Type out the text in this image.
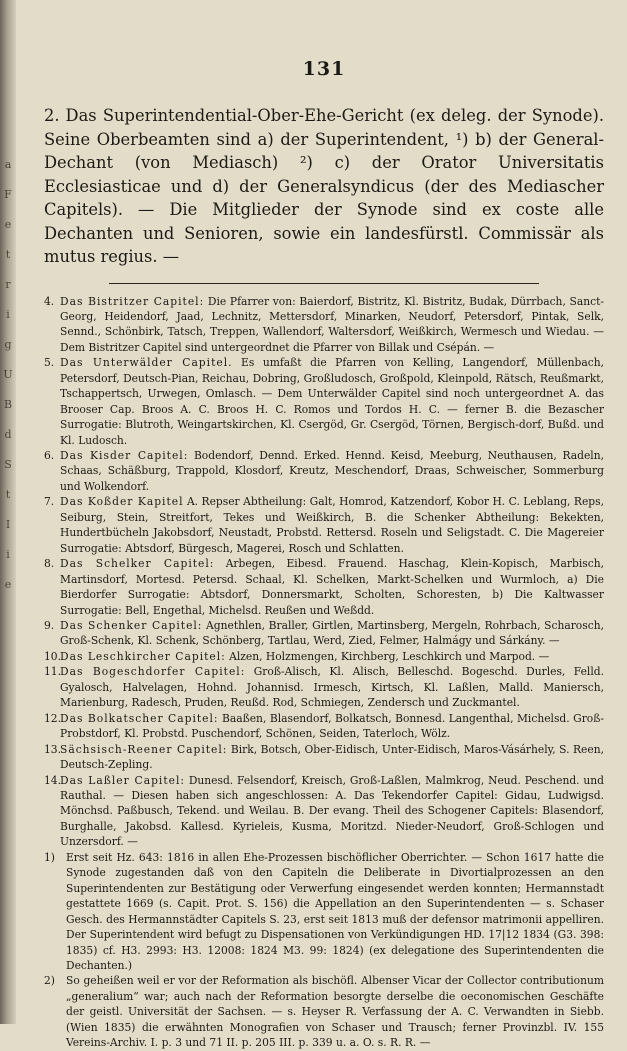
a
F
e
t
r
i
g
U
B
d
S
t
I
i
e
131

2. Das Superintendential-Ober-Ehe-Gericht (ex deleg. der Synode). Seine Oberbeamten sind a) der Superintendent, ¹) b) der General-Dechant (von Mediasch) ²) c) der Orator Universitatis Ecclesiasticae und d) der Generalsyndicus (der des Mediascher Capitels). — Die Mitglieder der Synode sind ex coste alle Dechanten und Senioren, sowie ein landesfürstl. Commissär als mutus regius. —

4. Das Bistritzer Capitel: Die Pfarrer von: Baierdorf, Bistritz, Kl. Bistritz, Budak, Dürrbach, Sanct-Georg, Heidendorf, Jaad, Lechnitz, Mettersdorf, Minarken, Neudorf, Petersdorf, Pintak, Selk, Sennd., Schönbirk, Tatsch, Treppen, Wallendorf, Waltersdorf, Weißkirch, Wermesch und Wiedau. — Dem Bistritzer Capitel sind untergeordnet die Pfarrer von Billak und Csépán. —

5. Das Unterwälder Capitel. Es umfaßt die Pfarren von Kelling, Langendorf, Müllenbach, Petersdorf, Deutsch-Pian, Reichau, Dobring, Großludosch, Großpold, Kleinpold, Rätsch, Reußmarkt, Tschappertsch, Urwegen, Omlasch. — Dem Unterwälder Capitel sind noch untergeordnet A. das Brooser Cap. Broos A. C. Broos H. C. Romos und Tordos H. C. — ferner B. die Bezascher Surrogatie: Blutroth, Weingartskirchen, Kl. Csergöd, Gr. Csergöd, Törnen, Bergisch-dorf, Bußd. und Kl. Ludosch.

6. Das Kisder Capitel: Bodendorf, Dennd. Erked. Hennd. Keisd, Meeburg, Neuthausen, Radeln, Schaas, Schäßburg, Trappold, Klosdorf, Kreutz, Meschendorf, Draas, Schweischer, Sommerburg und Wolkendorf.

7. Das Koßder Kapitel A. Repser Abtheilung: Galt, Homrod, Katzendorf, Kobor H. C. Leblang, Reps, Seiburg, Stein, Streitfort, Tekes und Weißkirch, B. die Schenker Abtheilung: Bekekten, Hundertbücheln Jakobsdorf, Neustadt, Probstd. Rettersd. Roseln und Seligstadt. C. Die Magereier Surrogatie: Abtsdorf, Bürgesch, Magerei, Rosch und Schlatten.

8. Das Schelker Capitel: Arbegen, Eibesd. Frauend. Haschag, Klein-Kopisch, Marbisch, Martinsdorf, Mortesd. Petersd. Schaal, Kl. Schelken, Markt-Schelken und Wurmloch, a) Die Bierdorfer Surrogatie: Abtsdorf, Donnersmarkt, Scholten, Schoresten, b) Die Kaltwasser Surrogatie: Bell, Engethal, Michelsd. Reußen und Weßdd.

9. Das Schenker Capitel: Agnethlen, Braller, Girtlen, Martinsberg, Mergeln, Rohrbach, Scharosch, Groß-Schenk, Kl. Schenk, Schönberg, Tartlau, Werd, Zied, Felmer, Halmágy und Sárkány. —

10.Das Leschkircher Capitel: Alzen, Holzmengen, Kirchberg, Leschkirch und Marpod. —

11.Das Bogeschdorfer Capitel: Groß-Alisch, Kl. Alisch, Belleschd. Bogeschd. Durles, Felld. Gyalosch, Halvelagen, Hohnd. Johannisd. Irmesch, Kirtsch, Kl. Laßlen, Malld. Maniersch, Marienburg, Radesch, Pruden, Reußd. Rod, Schmiegen, Zendersch und Zuckmantel.

12.Das Bolkatscher Capitel: Baaßen, Blasendorf, Bolkatsch, Bonnesd. Langenthal, Michelsd. Groß-Probstdorf, Kl. Probstd. Puschendorf, Schönen, Seiden, Taterloch, Wölz.

13.Sächsisch-Reener Capitel: Birk, Botsch, Ober-Eidisch, Unter-Eidisch, Maros-Vásárhely, S. Reen, Deutsch-Zepling.

14.Das Laßler Capitel: Dunesd. Felsendorf, Kreisch, Groß-Laßlen, Malmkrog, Neud. Peschend. und Rauthal. — Diesen haben sich angeschlossen: A. Das Tekendorfer Capitel: Gidau, Ludwigsd. Mönchsd. Paßbusch, Tekend. und Weilau. B. Der evang. Theil des Schogener Capitels: Blasendorf, Burghalle, Jakobsd. Kallesd. Kyrieleis, Kusma, Moritzd. Nieder-Neudorf, Groß-Schlogen und Unzersdorf. —

1) Erst seit Hz. 643: 1816 in allen Ehe-Prozessen bischöflicher Oberrichter. — Schon 1617 hatte die Synode zugestanden daß von den Capiteln die Deliberate in Divortialprozessen an den Superintendenten zur Bestätigung oder Verwerfung eingesendet werden konnten; Hermannstadt gestattete 1669 (s. Capit. Prot. S. 156) die Appellation an den Superintendenten — s. Schaser Gesch. des Hermannstädter Capitels S. 23, erst seit 1813 muß der defensor matrimonii appelliren. Der Superintendent wird befugt zu Dispensationen von Verkündigungen HD. 17|12 1834 (G3. 398: 1835) cf. H3. 2993: H3. 12008: 1824 M3. 99: 1824) (ex delegatione des Superintendenten die Dechanten.)

2) So geheißen weil er vor der Reformation als bischöfl. Albenser Vicar der Collector contributionum „generalium“ war; auch nach der Reformation besorgte derselbe die oeconomischen Geschäfte der geistl. Universität der Sachsen. — s. Heyser R. Verfassung der A. C. Verwandten in Siebb. (Wien 1835) die erwähnten Monografien von Schaser und Trausch; ferner Provinzbl. IV. 155 Vereins-Archiv. I. p. 3 und 71 II. p. 205 III. p. 339 u. a. O. s. R. R. —
